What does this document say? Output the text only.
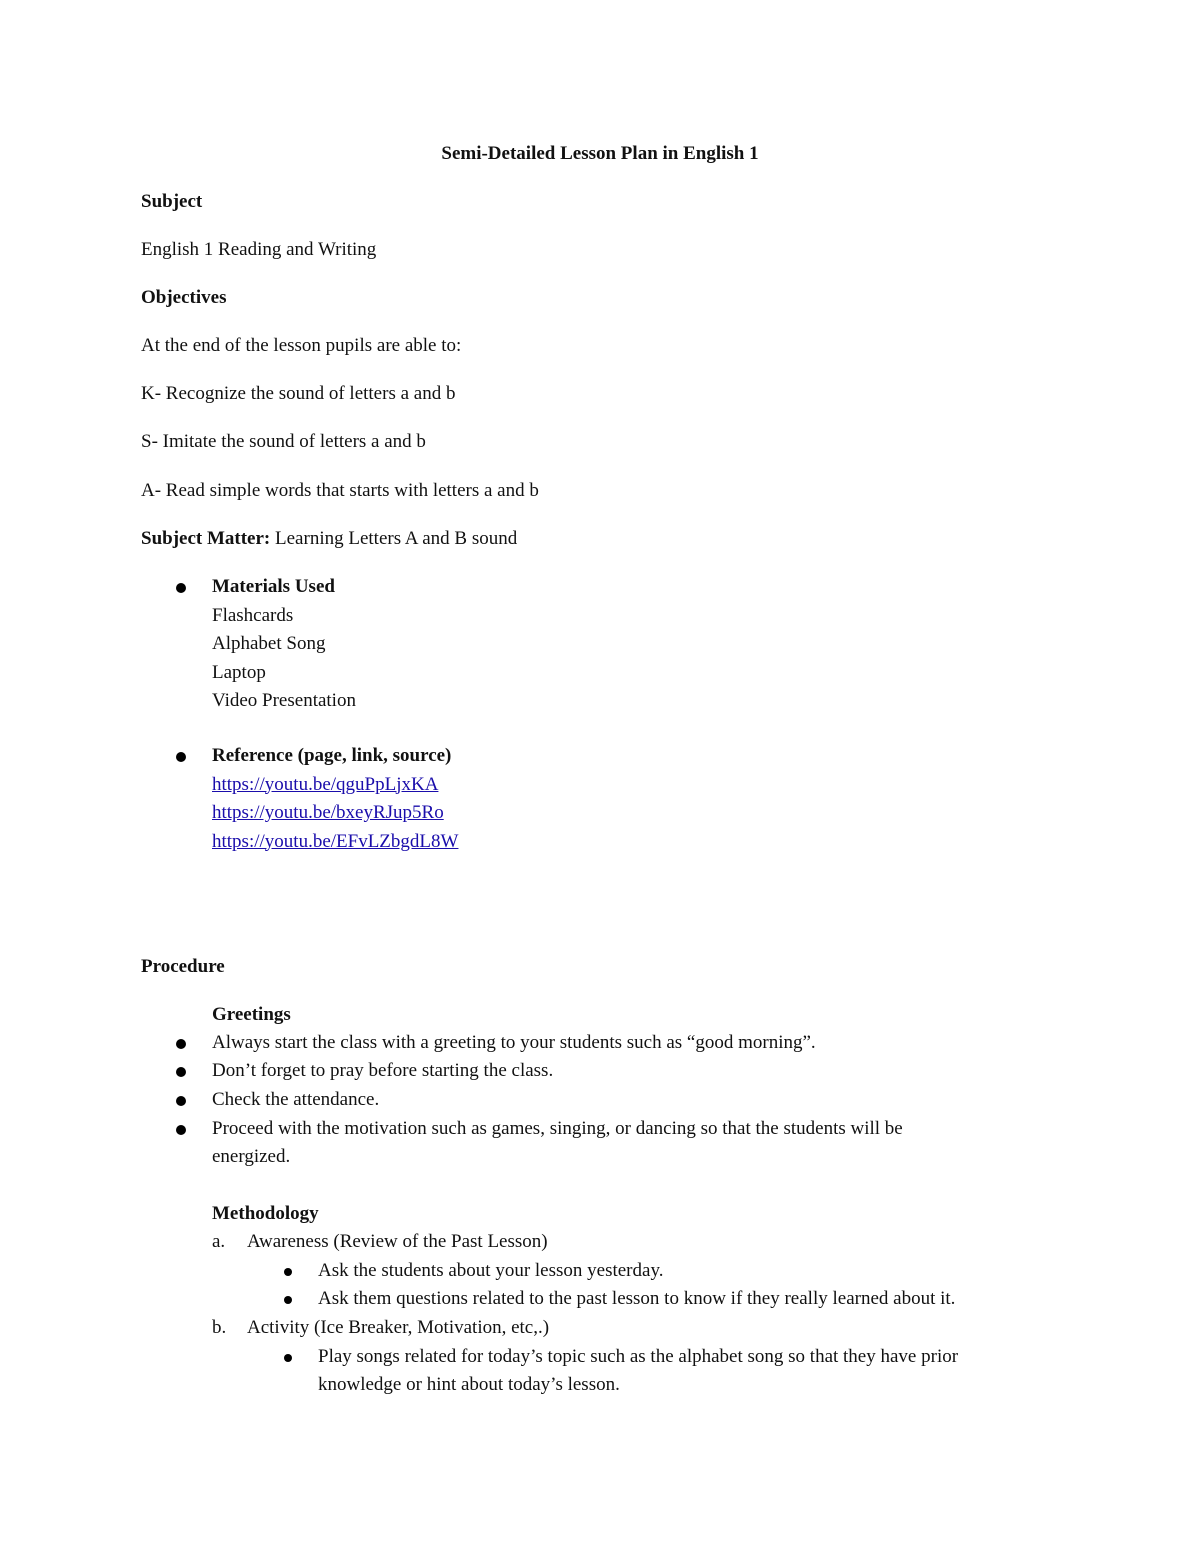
Semi-Detailed Lesson Plan in English 1

Subject

English 1 Reading and Writing

Objectives

At the end of the lesson pupils are able to:

K- Recognize the sound of letters a and b

S- Imitate the sound of letters a and b

A- Read simple words that starts with letters a and b

Subject Matter: Learning Letters A and B sound

Materials Used
Flashcards
Alphabet Song
Laptop
Video Presentation
Reference (page, link, source)
https://youtu.be/qguPpLjxKA
https://youtu.be/bxeyRJup5Ro
https://youtu.be/EFvLZbgdL8W

Procedure

Greetings

Always start the class with a greeting to your students such as “good morning”.

Don’t forget to pray before starting the class.

Check the attendance.

Proceed with the motivation such as games, singing, or dancing so that the students will be

energized.

Methodology

a. Awareness (Review of the Past Lesson)

Ask the students about your lesson yesterday.

Ask them questions related to the past lesson to know if they really learned about it.

b. Activity (Ice Breaker, Motivation, etc,.)

Play songs related for today’s topic such as the alphabet song so that they have prior

knowledge or hint about today’s lesson.
